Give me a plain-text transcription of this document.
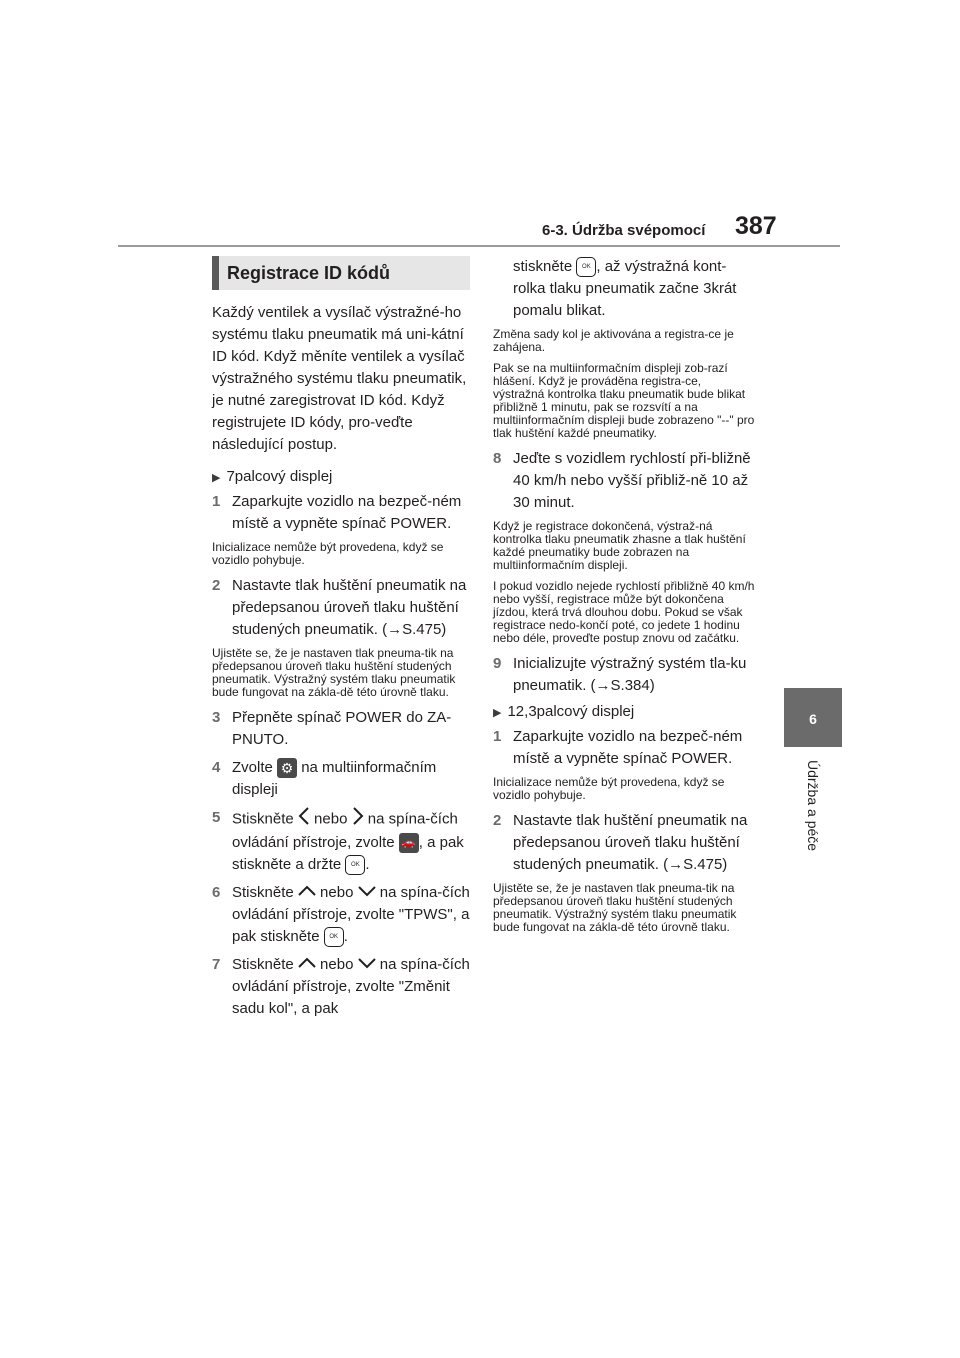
6-3. Údržba svépomocí 387
6
Údržba a péče
Registrace ID kódů
Každý ventilek a vysílač výstražné-ho systému tlaku pneumatik má uni-kátní ID kód. Když měníte ventilek a vysílač výstražného systému tlaku pneumatik, je nutné zaregistrovat ID kód. Když registrujete ID kódy, pro-veďte následující postup.
▶ 7palcový displej
1 Zaparkujte vozidlo na bezpeč-ném místě a vypněte spínač POWER.
Inicializace nemůže být provedena, když se vozidlo pohybuje.
2 Nastavte tlak huštění pneumatik na předepsanou úroveň tlaku huštění studených pneumatik. (→S.475)
Ujistěte se, že je nastaven tlak pneuma-tik na předepsanou úroveň tlaku huštění studených pneumatik. Výstražný systém tlaku pneumatik bude fungovat na zákla-dě této úrovně tlaku.
3 Přepněte spínač POWER do ZA-PNUTO.
4 Zvolte ⚙ na multiinformačním displeji
5 Stiskněte nebo na spína-čích ovládání přístroje, zvolte 🚗 , a pak stiskněte a držte OK .
6 Stiskněte nebo na spína-čích ovládání přístroje, zvolte "TPWS", a pak stiskněte OK .
7 Stiskněte nebo na spína-čích ovládání přístroje, zvolte "Změnit sadu kol", a pak
stiskněte OK , až výstražná kont-rolka tlaku pneumatik začne 3krát pomalu blikat.
Změna sady kol je aktivována a registra-ce je zahájena.
Pak se na multiinformačním displeji zob-razí hlášení. Když je prováděna registra-ce, výstražná kontrolka tlaku pneumatik bude blikat přibližně 1 minutu, pak se rozsvítí a na multiinformačním displeji bude zobrazeno "--" pro tlak huštění každé pneumatiky.
8 Jeďte s vozidlem rychlostí při-bližně 40 km/h nebo vyšší přibliž-ně 10 až 30 minut.
Když je registrace dokončená, výstraž-ná kontrolka tlaku pneumatik zhasne a tlak huštění každé pneumatiky bude zobrazen na multiinformačním displeji.
I pokud vozidlo nejede rychlostí přibližně 40 km/h nebo vyšší, registrace může být dokončena jízdou, která trvá dlouhou dobu. Pokud se však registrace nedo-končí poté, co jedete 1 hodinu nebo déle, proveďte postup znovu od začátku.
9 Inicializujte výstražný systém tla-ku pneumatik. (→S.384)
▶ 12,3palcový displej
1 Zaparkujte vozidlo na bezpeč-ném místě a vypněte spínač POWER.
Inicializace nemůže být provedena, když se vozidlo pohybuje.
2 Nastavte tlak huštění pneumatik na předepsanou úroveň tlaku huštění studených pneumatik. (→S.475)
Ujistěte se, že je nastaven tlak pneuma-tik na předepsanou úroveň tlaku huštění studených pneumatik. Výstražný systém tlaku pneumatik bude fungovat na zákla-dě této úrovně tlaku.
